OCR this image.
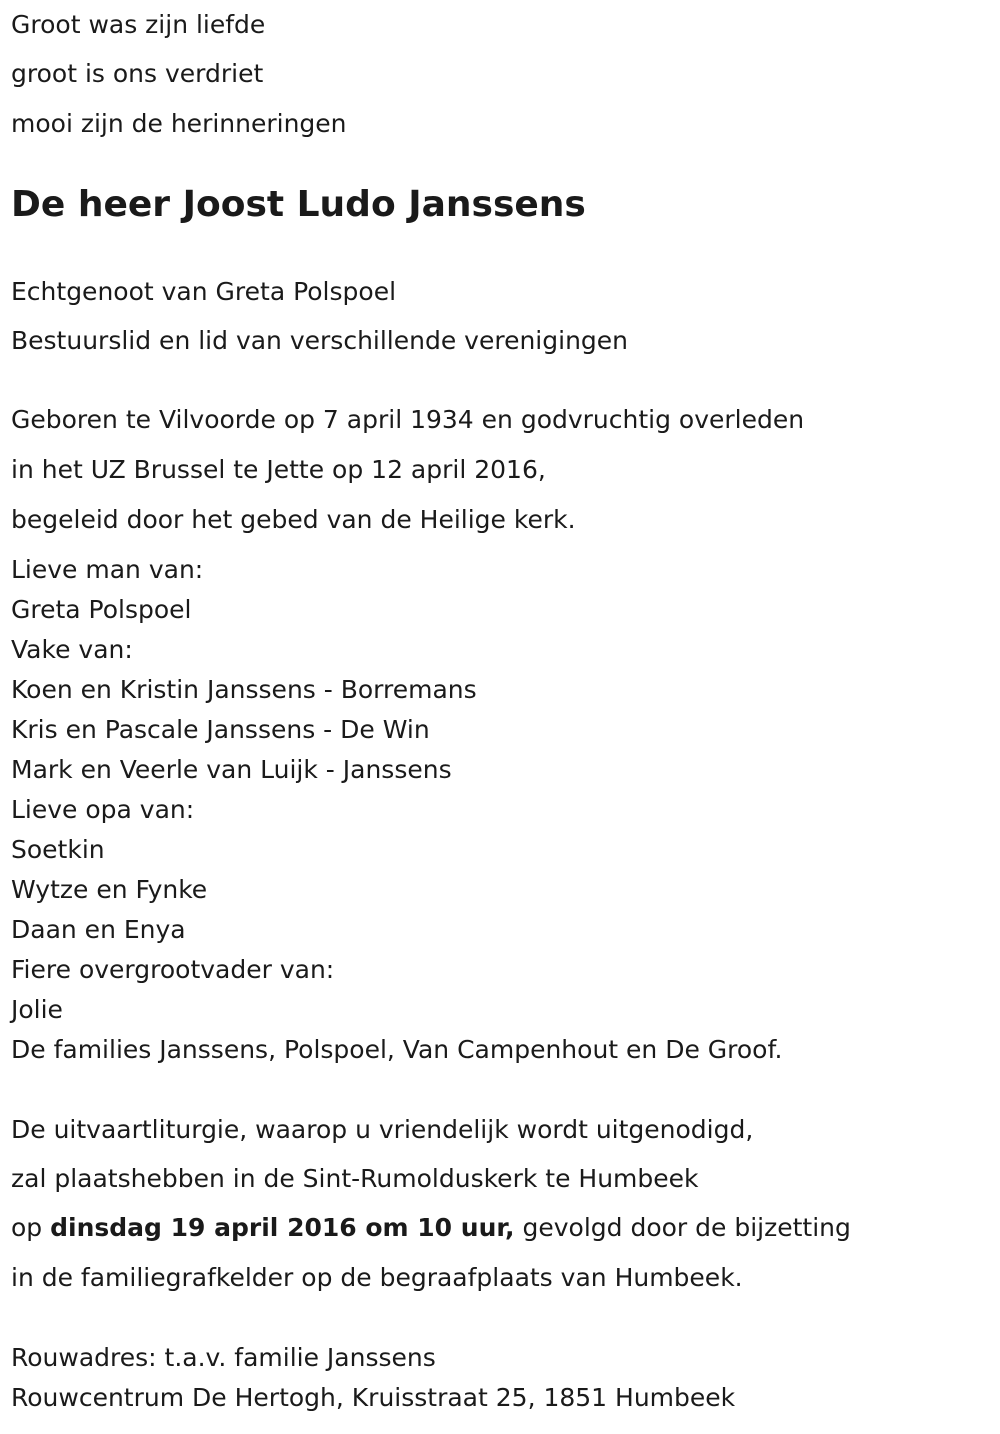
Groot was zijn liefde
groot is ons verdriet
mooi zijn de herinneringen
De heer Joost Ludo Janssens
Echtgenoot van Greta Polspoel
Bestuurslid en lid van verschillende verenigingen
Geboren te Vilvoorde op 7 april 1934 en godvruchtig overleden
in het UZ Brussel te Jette op 12 april 2016,
begeleid door het gebed van de Heilige kerk.
Lieve man van:
Greta Polspoel
Vake van:
Koen en Kristin Janssens - Borremans
Kris en Pascale Janssens - De Win
Mark en Veerle van Luijk - Janssens
Lieve opa van:
Soetkin
Wytze en Fynke
Daan en Enya
Fiere overgrootvader van:
Jolie
De families Janssens, Polspoel, Van Campenhout en De Groof.
De uitvaartliturgie, waarop u vriendelijk wordt uitgenodigd,
zal plaatshebben in de Sint-Rumolduskerk te Humbeek
op dinsdag 19 april 2016 om 10 uur, gevolgd door de bijzetting
in de familiegrafkelder op de begraafplaats van Humbeek.
Rouwadres: t.a.v. familie Janssens
Rouwcentrum De Hertogh, Kruisstraat 25, 1851 Humbeek
